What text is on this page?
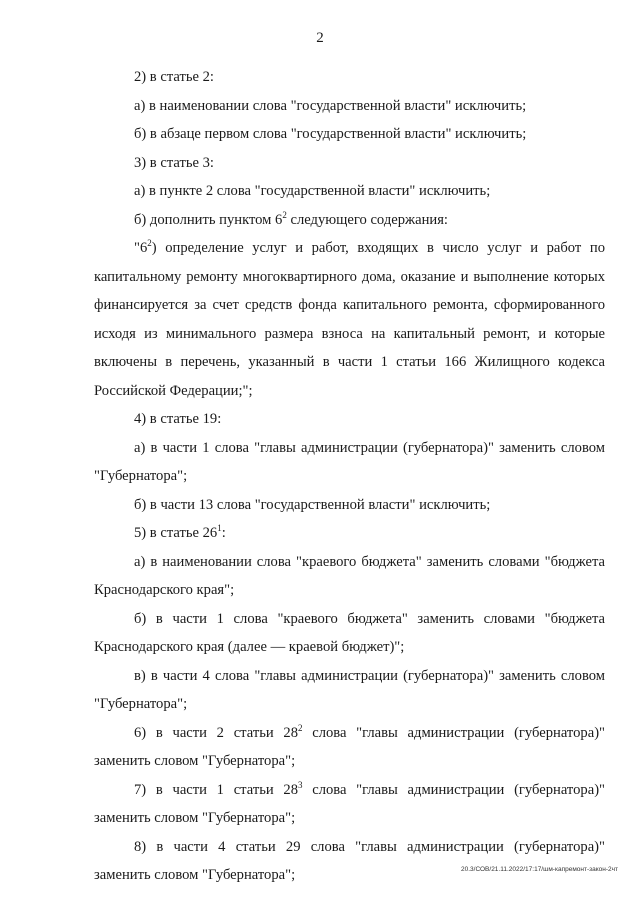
2

2) в статье 2:

а) в наименовании слова "государственной власти" исключить;

б) в абзаце первом слова "государственной власти" исключить;

3) в статье 3:

а) в пункте 2 слова "государственной власти" исключить;

б) дополнить пунктом $6^2$ следующего содержания:

"$6^2$) определение услуг и работ, входящих в число услуг и работ по капитальному ремонту многоквартирного дома, оказание и выполнение которых финансируется за счет средств фонда капитального ремонта, сформированного исходя из минимального размера взноса на капитальный ремонт, и которые включены в перечень, указанный в части 1 статьи 166 Жилищного кодекса Российской Федерации;";

4) в статье 19:

а) в части 1 слова "главы администрации (губернатора)" заменить словом "Губернатора";

б) в части 13 слова "государственной власти" исключить;

5) в статье $26^1$:

а) в наименовании слова "краевого бюджета" заменить словами "бюджета Краснодарского края";

б) в части 1 слова "краевого бюджета" заменить словами "бюджета Краснодарского края (далее — краевой бюджет)";

в) в части 4 слова "главы администрации (губернатора)" заменить словом "Губернатора";

6) в части 2 статьи $28^2$ слова "главы администрации (губернатора)" заменить словом "Губернатора";

7) в части 1 статьи $28^3$ слова "главы администрации (губернатора)" заменить словом "Губернатора";

8) в части 4 статьи 29 слова "главы администрации (губернатора)" заменить словом "Губернатора";	20.3/СОВ/21.11.2022/17:17/шм-капремонт-закон-2чт
